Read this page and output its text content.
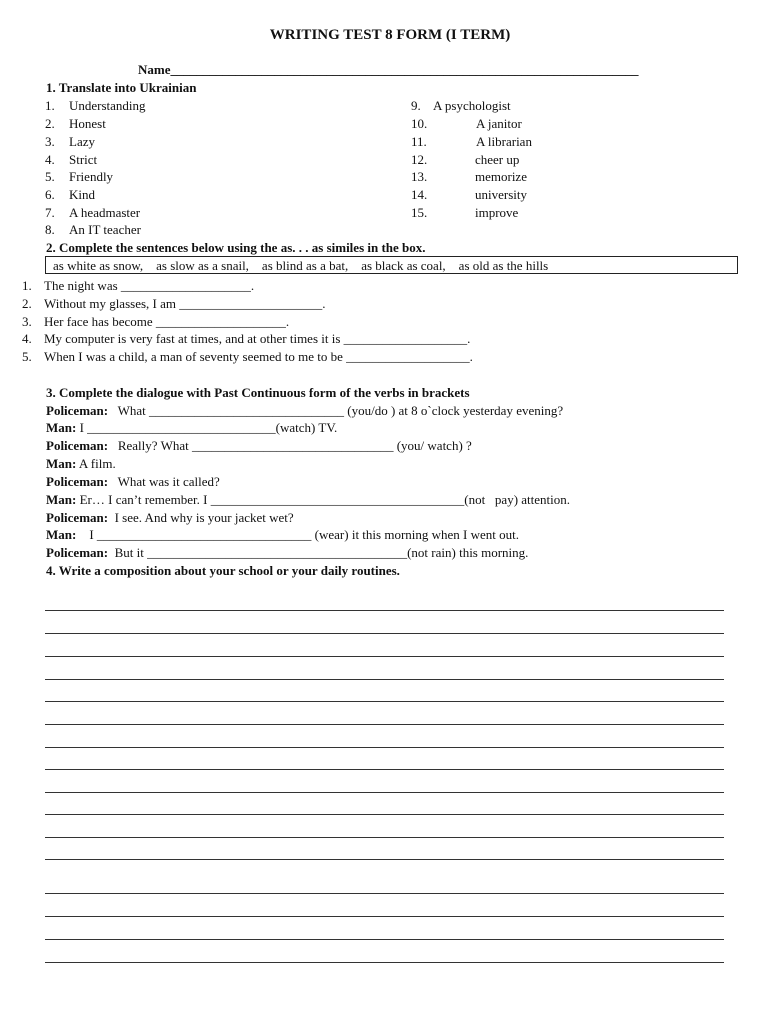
WRITING TEST 8 FORM (I TERM)
Name________________________________________________________________________
1. Translate into Ukrainian
1. Understanding
2. Honest
3. Lazy
4. Strict
5. Friendly
6. Kind
7. A headmaster
8. An IT teacher
9. A psychologist
10.	A janitor
11.	A librarian
12.	cheer up
13.	memorize
14.	university
15.	improve
2. Complete the sentences below using the as. . . as similes in the box.
as white as snow,    as slow as a snail,    as blind as a bat,    as black as coal,    as old as the hills
1. The night was ____________________.
2. Without my glasses, I am ______________________.
3. Her face has become ____________________.
4. My computer is very fast at times, and at other times it is ___________________.
5. When I was a child, a man of seventy seemed to me to be ___________________.
3. Complete the dialogue with Past Continuous form of the verbs in brackets
Policeman:   What ______________________________ (you/do ) at 8 o`clock yesterday evening?
Man: I _____________________________(watch) TV.
Policeman:   Really? What _______________________________ (you/ watch) ?
Man: A film.
Policeman:   What was it called?
Man: Er… I can’t remember. I _______________________________________(not   pay) attention.
Policeman:  I see. And why is your jacket wet?
Man:    I _________________________________ (wear) it this morning when I went out.
Policeman:  But it ________________________________________(not rain) this morning.
4. Write a composition about your school or your daily routines.
